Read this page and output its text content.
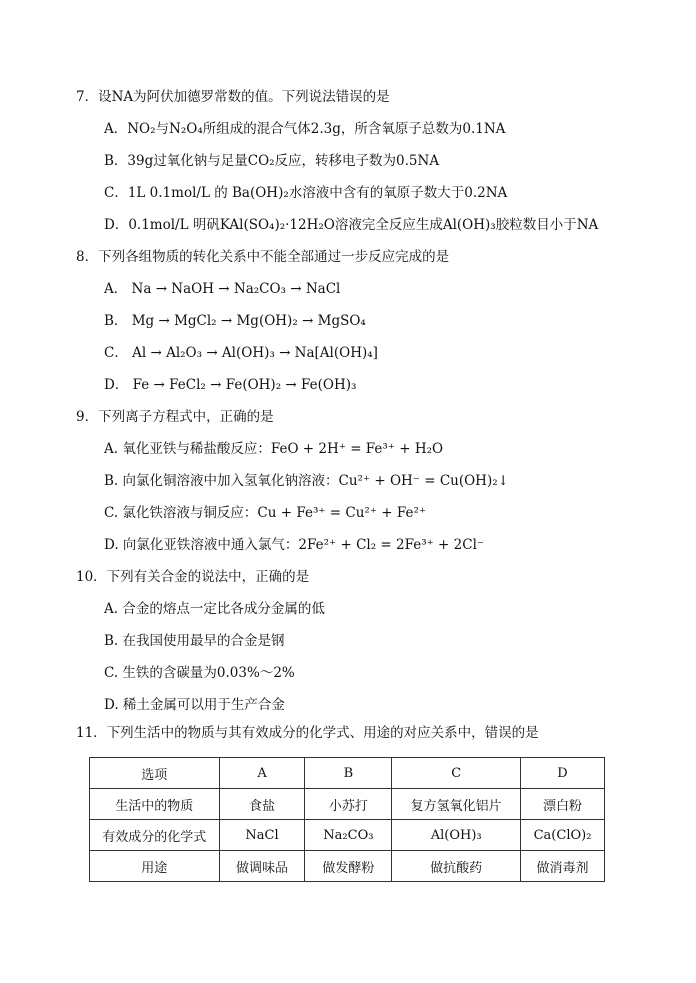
7．设NA为阿伏加德罗常数的值。下列说法错误的是
A．NO₂与N₂O₄所组成的混合气体2.3g，所含氧原子总数为0.1NA
B．39g过氧化钠与足量CO₂反应，转移电子数为0.5NA
C．1L 0.1mol/L 的 Ba(OH)₂水溶液中含有的氧原子数大于0.2NA
D．0.1mol/L 明矾KAl(SO₄)₂·12H₂O溶液完全反应生成Al(OH)₃胶粒数目小于NA
8．下列各组物质的转化关系中不能全部通过一步反应完成的是
A． Na → NaOH → Na₂CO₃ → NaCl
B． Mg → MgCl₂ → Mg(OH)₂ → MgSO₄
C． Al → Al₂O₃ → Al(OH)₃ → Na[Al(OH)₄]
D． Fe → FeCl₂ → Fe(OH)₂ → Fe(OH)₃
9．下列离子方程式中，正确的是
A. 氧化亚铁与稀盐酸反应：FeO + 2H⁺ = Fe³⁺ + H₂O
B. 向氯化铜溶液中加入氢氧化钠溶液：Cu²⁺ + OH⁻ = Cu(OH)₂↓
C. 氯化铁溶液与铜反应：Cu + Fe³⁺ = Cu²⁺ + Fe²⁺
D. 向氯化亚铁溶液中通入氯气：2Fe²⁺ + Cl₂ = 2Fe³⁺ + 2Cl⁻
10．下列有关合金的说法中，正确的是
A. 合金的熔点一定比各成分金属的低
B. 在我国使用最早的合金是钢
C. 生铁的含碳量为0.03%～2%
D. 稀土金属可以用于生产合金
11．下列生活中的物质与其有效成分的化学式、用途的对应关系中，错误的是
选项	A	B	C	D
生活中的物质	食盐	小苏打	复方氢氧化铝片	漂白粉
有效成分的化学式	NaCl	Na₂CO₃	Al(OH)₃	Ca(ClO)₂
用途	做调味品	做发酵粉	做抗酸药	做消毒剂
